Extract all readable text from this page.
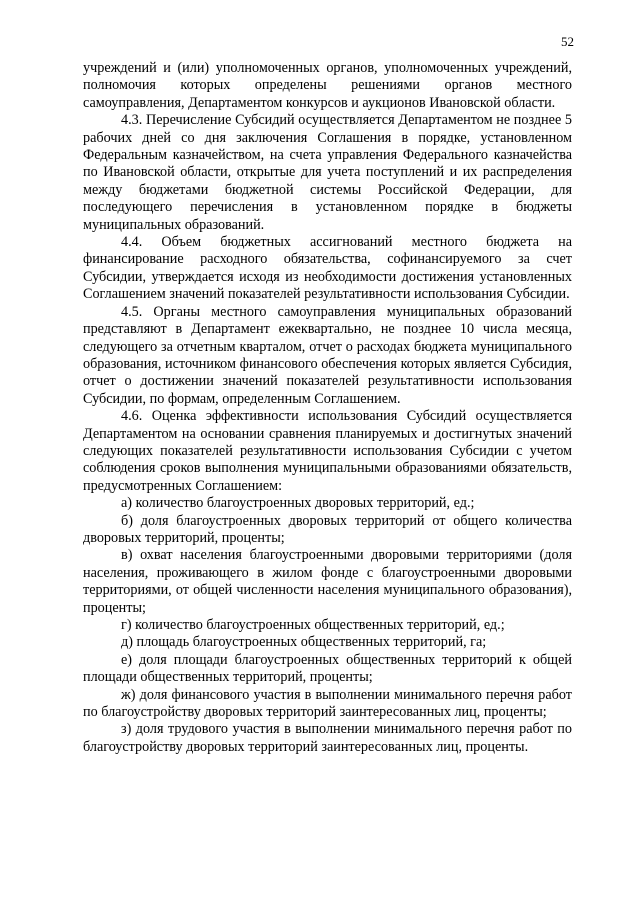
52

учреждений и (или) уполномоченных органов, уполномоченных учреждений, полномочия которых определены решениями органов местного самоуправления, Департаментом конкурсов и аукционов Ивановской области.

4.3. Перечисление Субсидий осуществляется Департаментом не позднее 5 рабочих дней со дня заключения Соглашения в порядке, установленном Федеральным казначейством, на счета управления Федерального казначейства по Ивановской области, открытые для учета поступлений и их распределения между бюджетами бюджетной системы Российской Федерации, для последующего перечисления в установленном порядке в бюджеты муниципальных образований.

4.4. Объем бюджетных ассигнований местного бюджета на финансирование расходного обязательства, софинансируемого за счет Субсидии, утверждается исходя из необходимости достижения установленных Соглашением значений показателей результативности использования Субсидии.

4.5. Органы местного самоуправления муниципальных образований представляют в Департамент ежеквартально, не позднее 10 числа месяца, следующего за отчетным кварталом, отчет о расходах бюджета муниципального образования, источником финансового обеспечения которых является Субсидия, отчет о достижении значений показателей результативности использования Субсидии, по формам, определенным Соглашением.

4.6. Оценка эффективности использования Субсидий осуществляется Департаментом на основании сравнения планируемых и достигнутых значений следующих показателей результативности использования Субсидии с учетом соблюдения сроков выполнения муниципальными образованиями обязательств, предусмотренных Соглашением:

а) количество благоустроенных дворовых территорий, ед.;

б) доля благоустроенных дворовых территорий от общего количества дворовых территорий, проценты;

в) охват населения благоустроенными дворовыми территориями (доля населения, проживающего в жилом фонде с благоустроенными дворовыми территориями, от общей численности населения муниципального образования), проценты;

г) количество благоустроенных общественных территорий, ед.;

д) площадь благоустроенных общественных территорий, га;

е) доля площади благоустроенных общественных территорий к общей площади общественных территорий, проценты;

ж) доля финансового участия в выполнении минимального перечня работ по благоустройству дворовых территорий заинтересованных лиц, проценты;

з) доля трудового участия в выполнении минимального перечня работ по благоустройству дворовых территорий заинтересованных лиц, проценты.
